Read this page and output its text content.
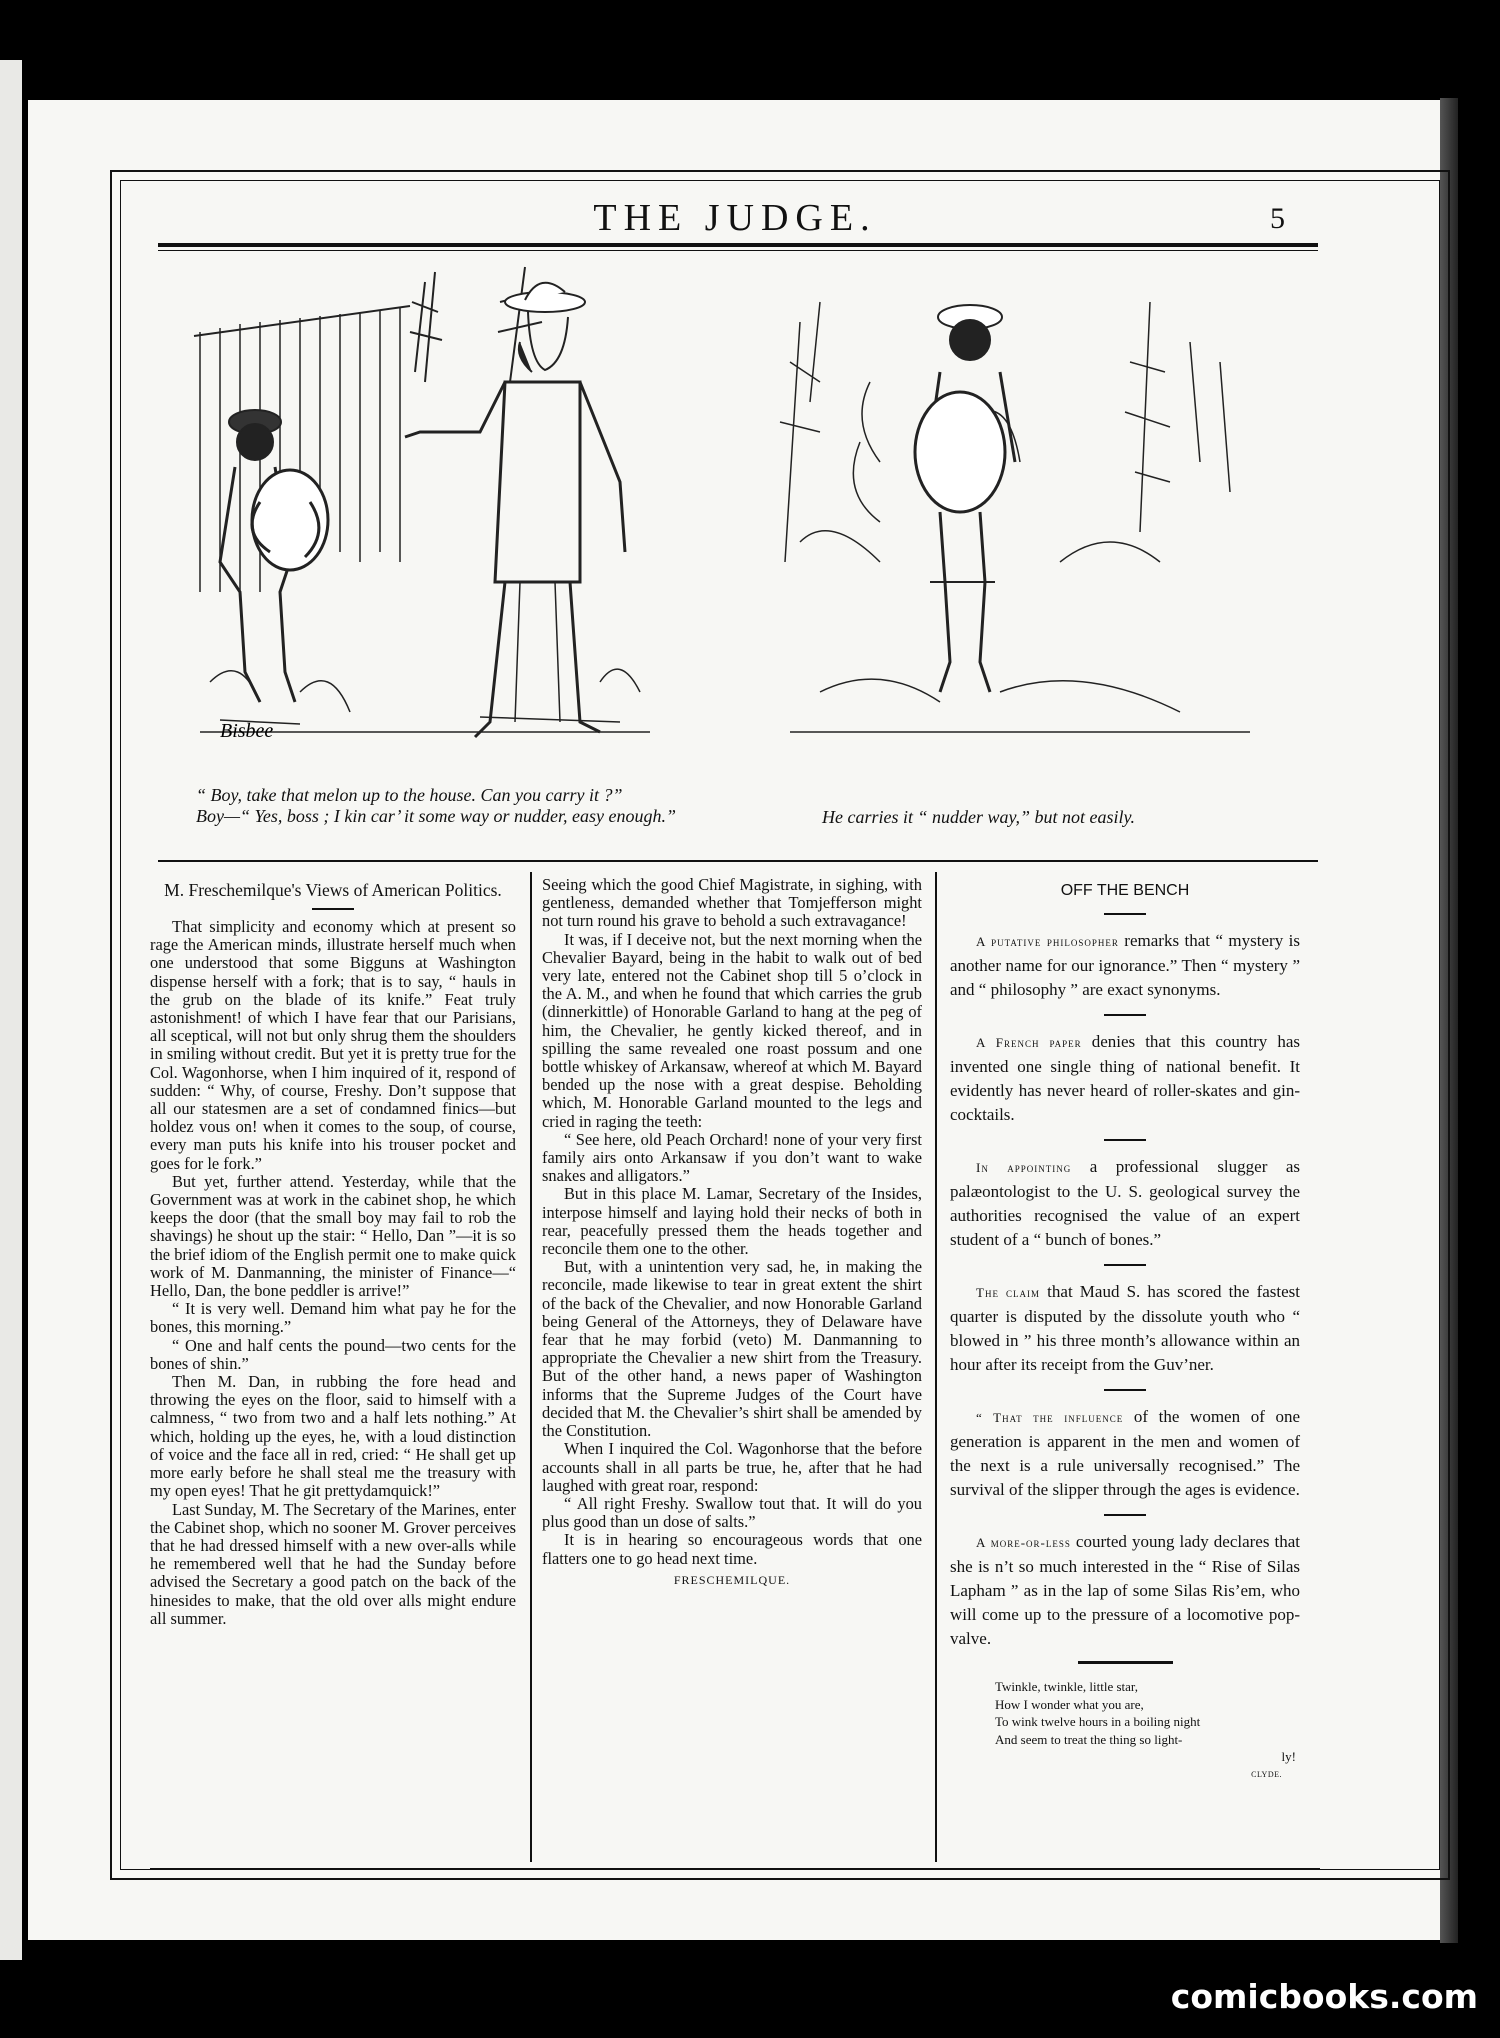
THE JUDGE.	5
Bisbee
“ Boy, take that melon up to the house. Can you carry it ?”
Boy—“ Yes, boss ; I kin car’ it some way or nudder, easy enough.”	He carries it “ nudder way,” but not easily.
M. Freschemilque's Views of American Politics.

That simplicity and economy which at present so rage the American minds, illustrate herself much when one understood that some Bigguns at Washington dispense herself with a fork; that is to say, “ hauls in the grub on the blade of its knife.” Feat truly astonishment! of which I have fear that our Parisians, all sceptical, will not but only shrug them the shoulders in smiling without credit. But yet it is pretty true for the Col. Wagonhorse, when I him inquired of it, respond of sudden: “ Why, of course, Freshy. Don’t suppose that all our statesmen are a set of condamned finics—but holdez vous on! when it comes to the soup, of course, every man puts his knife into his trouser pocket and goes for le fork.”

But yet, further attend. Yesterday, while that the Government was at work in the cabinet shop, he which keeps the door (that the small boy may fail to rob the shavings) he shout up the stair: “ Hello, Dan ”—it is so the brief idiom of the English permit one to make quick work of M. Danmanning, the minister of Finance—“ Hello, Dan, the bone peddler is arrive!”

“ It is very well. Demand him what pay he for the bones, this morning.”

“ One and half cents the pound—two cents for the bones of shin.”

Then M. Dan, in rubbing the fore head and throwing the eyes on the floor, said to himself with a calmness, “ two from two and a half lets nothing.” At which, holding up the eyes, he, with a loud distinction of voice and the face all in red, cried: “ He shall get up more early before he shall steal me the treasury with my open eyes! That he git prettydamquick!”

Last Sunday, M. The Secretary of the Marines, enter the Cabinet shop, which no sooner M. Grover perceives that he had dressed himself with a new over-alls while he remembered well that he had the Sunday before advised the Secretary a good patch on the back of the hinesides to make, that the old over alls might endure all summer.

Seeing which the good Chief Magistrate, in sighing, with gentleness, demanded whether that Tomjefferson might not turn round his grave to behold a such extravagance!

It was, if I deceive not, but the next morning when the Chevalier Bayard, being in the habit to walk out of bed very late, entered not the Cabinet shop till 5 o’clock in the A. M., and when he found that which carries the grub (dinnerkittle) of Honorable Garland to hang at the peg of him, the Chevalier, he gently kicked thereof, and in spilling the same revealed one roast possum and one bottle whiskey of Arkansaw, whereof at which M. Bayard bended up the nose with a great despise. Beholding which, M. Honorable Garland mounted to the legs and cried in raging the teeth:

“ See here, old Peach Orchard! none of your very first family airs onto Arkansaw if you don’t want to wake snakes and alligators.”

But in this place M. Lamar, Secretary of the Insides, interpose himself and laying hold their necks of both in rear, peacefully pressed them the heads together and reconcile them one to the other.

But, with a unintention very sad, he, in making the reconcile, made likewise to tear in great extent the shirt of the back of the Chevalier, and now Honorable Garland being General of the Attorneys, they of Delaware have fear that he may forbid (veto) M. Danmanning to appropriate the Chevalier a new shirt from the Treasury. But of the other hand, a news paper of Washington informs that the Supreme Judges of the Court have decided that M. the Chevalier’s shirt shall be amended by the Constitution.

When I inquired the Col. Wagonhorse that the before accounts shall in all parts be true, he, after that he had laughed with great roar, respond:

“ All right Freshy. Swallow tout that. It will do you plus good than un dose of salts.”

It is in hearing so encourageous words that one flatters one to go head next time.

FRESCHEMILQUE.
OFF THE BENCH

A putative philosopher remarks that “ mystery is another name for our ignorance.” Then “ mystery ” and “ philosophy ” are exact synonyms.

A French paper denies that this country has invented one single thing of national benefit. It evidently has never heard of roller-skates and gin-cocktails.

In appointing a professional slugger as palæontologist to the U. S. geological survey the authorities recognised the value of an expert student of a “ bunch of bones.”

The claim that Maud S. has scored the fastest quarter is disputed by the dissolute youth who “ blowed in ” his three month’s allowance within an hour after its receipt from the Guv’ner.

“ That the influence of the women of one generation is apparent in the men and women of the next is a rule universally recognised.” The survival of the slipper through the ages is evidence.

A more-or-less courted young lady declares that she is n’t so much interested in the “ Rise of Silas Lapham ” as in the lap of some Silas Ris’em, who will come up to the pressure of a locomotive pop-valve.

Twinkle, twinkle, little star,
How I wonder what you are,
To wink twelve hours in a boiling night
And seem to treat the thing so light-
ly!
CLYDE.
comicbooks.com
